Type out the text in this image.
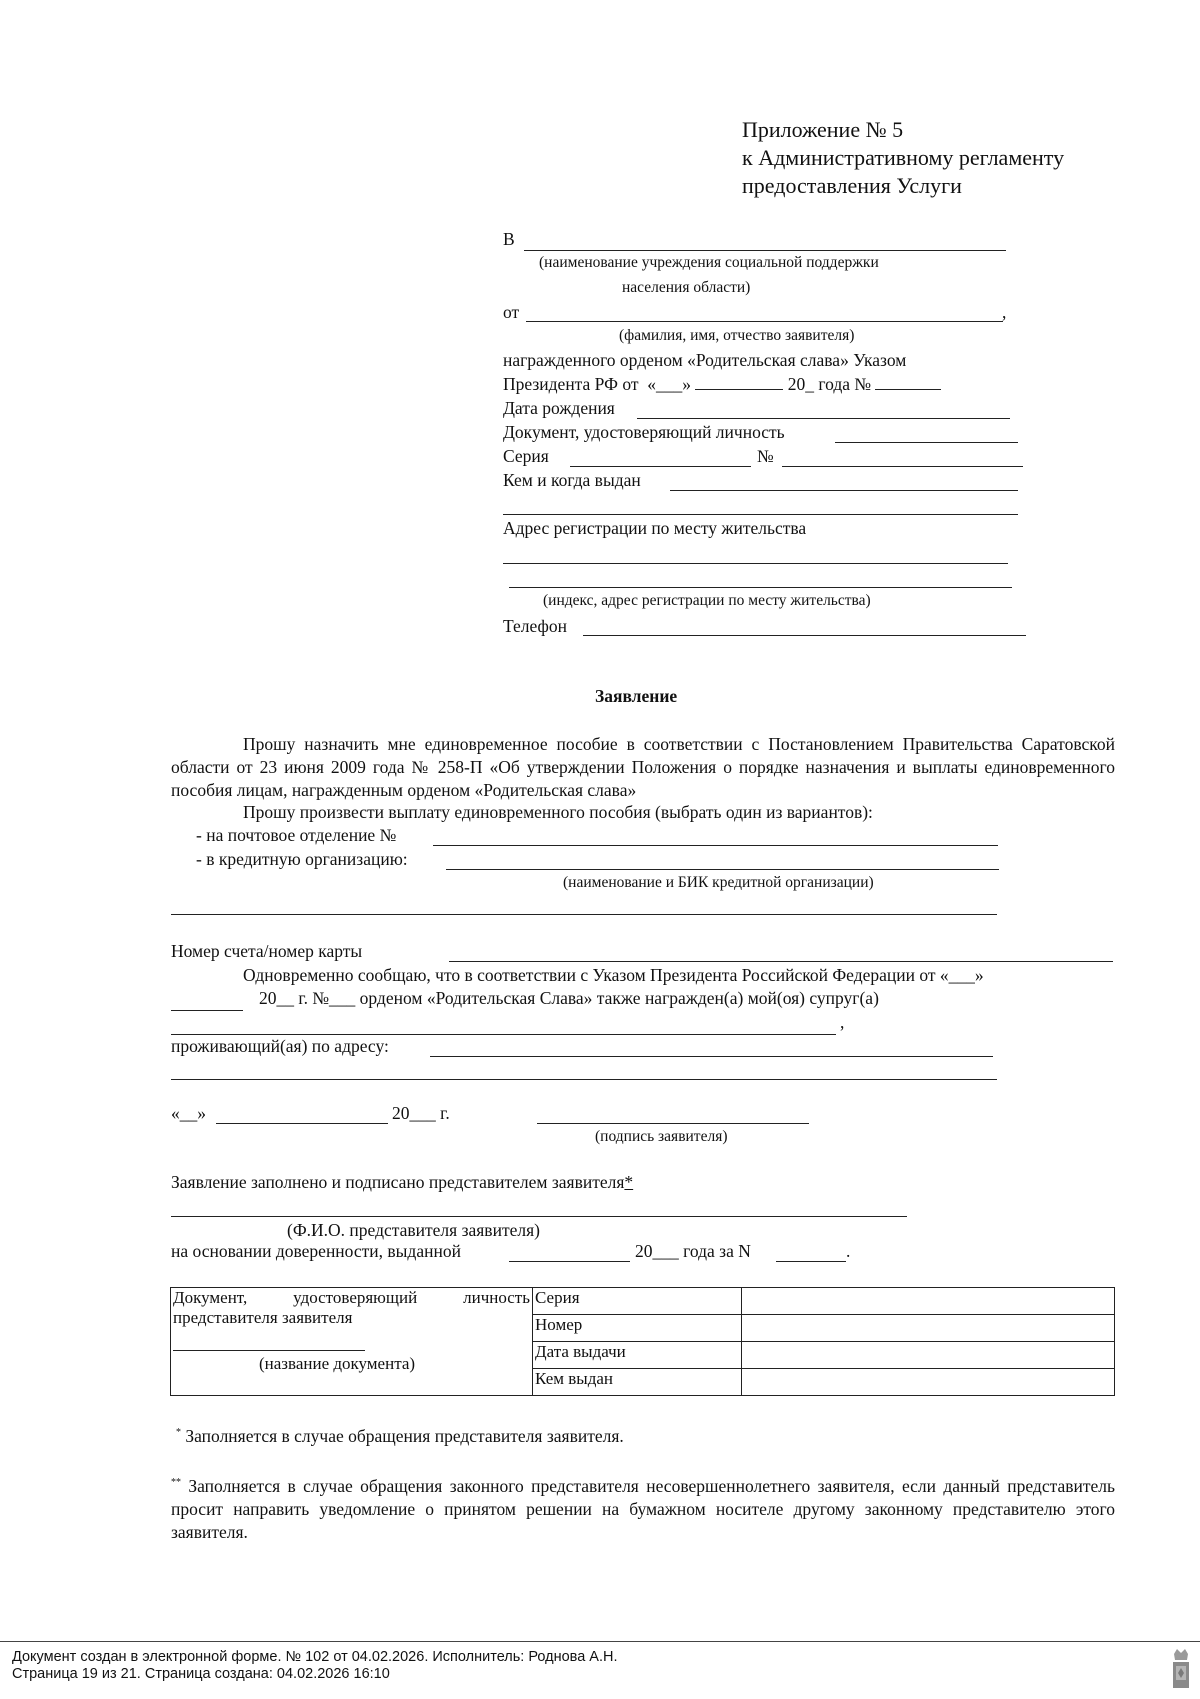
Приложение № 5
к Административному регламенту
предоставления Услуги
В
(наименование учреждения социальной поддержки
населения области)
от	,
(фамилия, имя, отчество заявителя)
награжденного орденом «Родительская слава» Указом
Президента РФ от «___»	20_ года №
Дата рождения
Документ, удостоверяющий личность
Серия	№
Кем и когда выдан
Адрес регистрации по месту жительства
(индекс, адрес регистрации по месту жительства)
Телефон
Заявление
Прошу назначить мне единовременное пособие в соответствии с Постановлением Правительства Саратовской области от 23 июня 2009 года № 258-П «Об утверждении Положения о порядке назначения и выплаты единовременного пособия лицам, награжденным орденом «Родительская слава»
Прошу произвести выплату единовременного пособия (выбрать один из вариантов):
- на почтовое отделение №
- в кредитную организацию:
(наименование и БИК кредитной организации)
Номер счета/номер карты
Одновременно сообщаю, что в соответствии с Указом Президента Российской Федерации от «___»
20__ г. №___ орденом «Родительская Слава» также награжден(а) мой(оя) супруг(а)
,
проживающий(ая) по адресу:
«__»	20___ г.
(подпись заявителя)
Заявление заполнено и подписано представителем заявителя*
(Ф.И.О. представителя заявителя)
на основании доверенности, выданной	20___ года за N	.
Документ, удостоверяющий личность
представителя заявителя
(название документа)	Серия	
	Номер	
	Дата выдачи	
	Кем выдан	
* Заполняется в случае обращения представителя заявителя.
** Заполняется в случае обращения законного представителя несовершеннолетнего заявителя, если данный представитель просит направить уведомление о принятом решении на бумажном носителе другому законному представителю этого заявителя.
Документ создан в электронной форме. № 102 от 04.02.2026. Исполнитель: Роднова А.Н.
Страница 19 из 21. Страница создана: 04.02.2026 16:10
